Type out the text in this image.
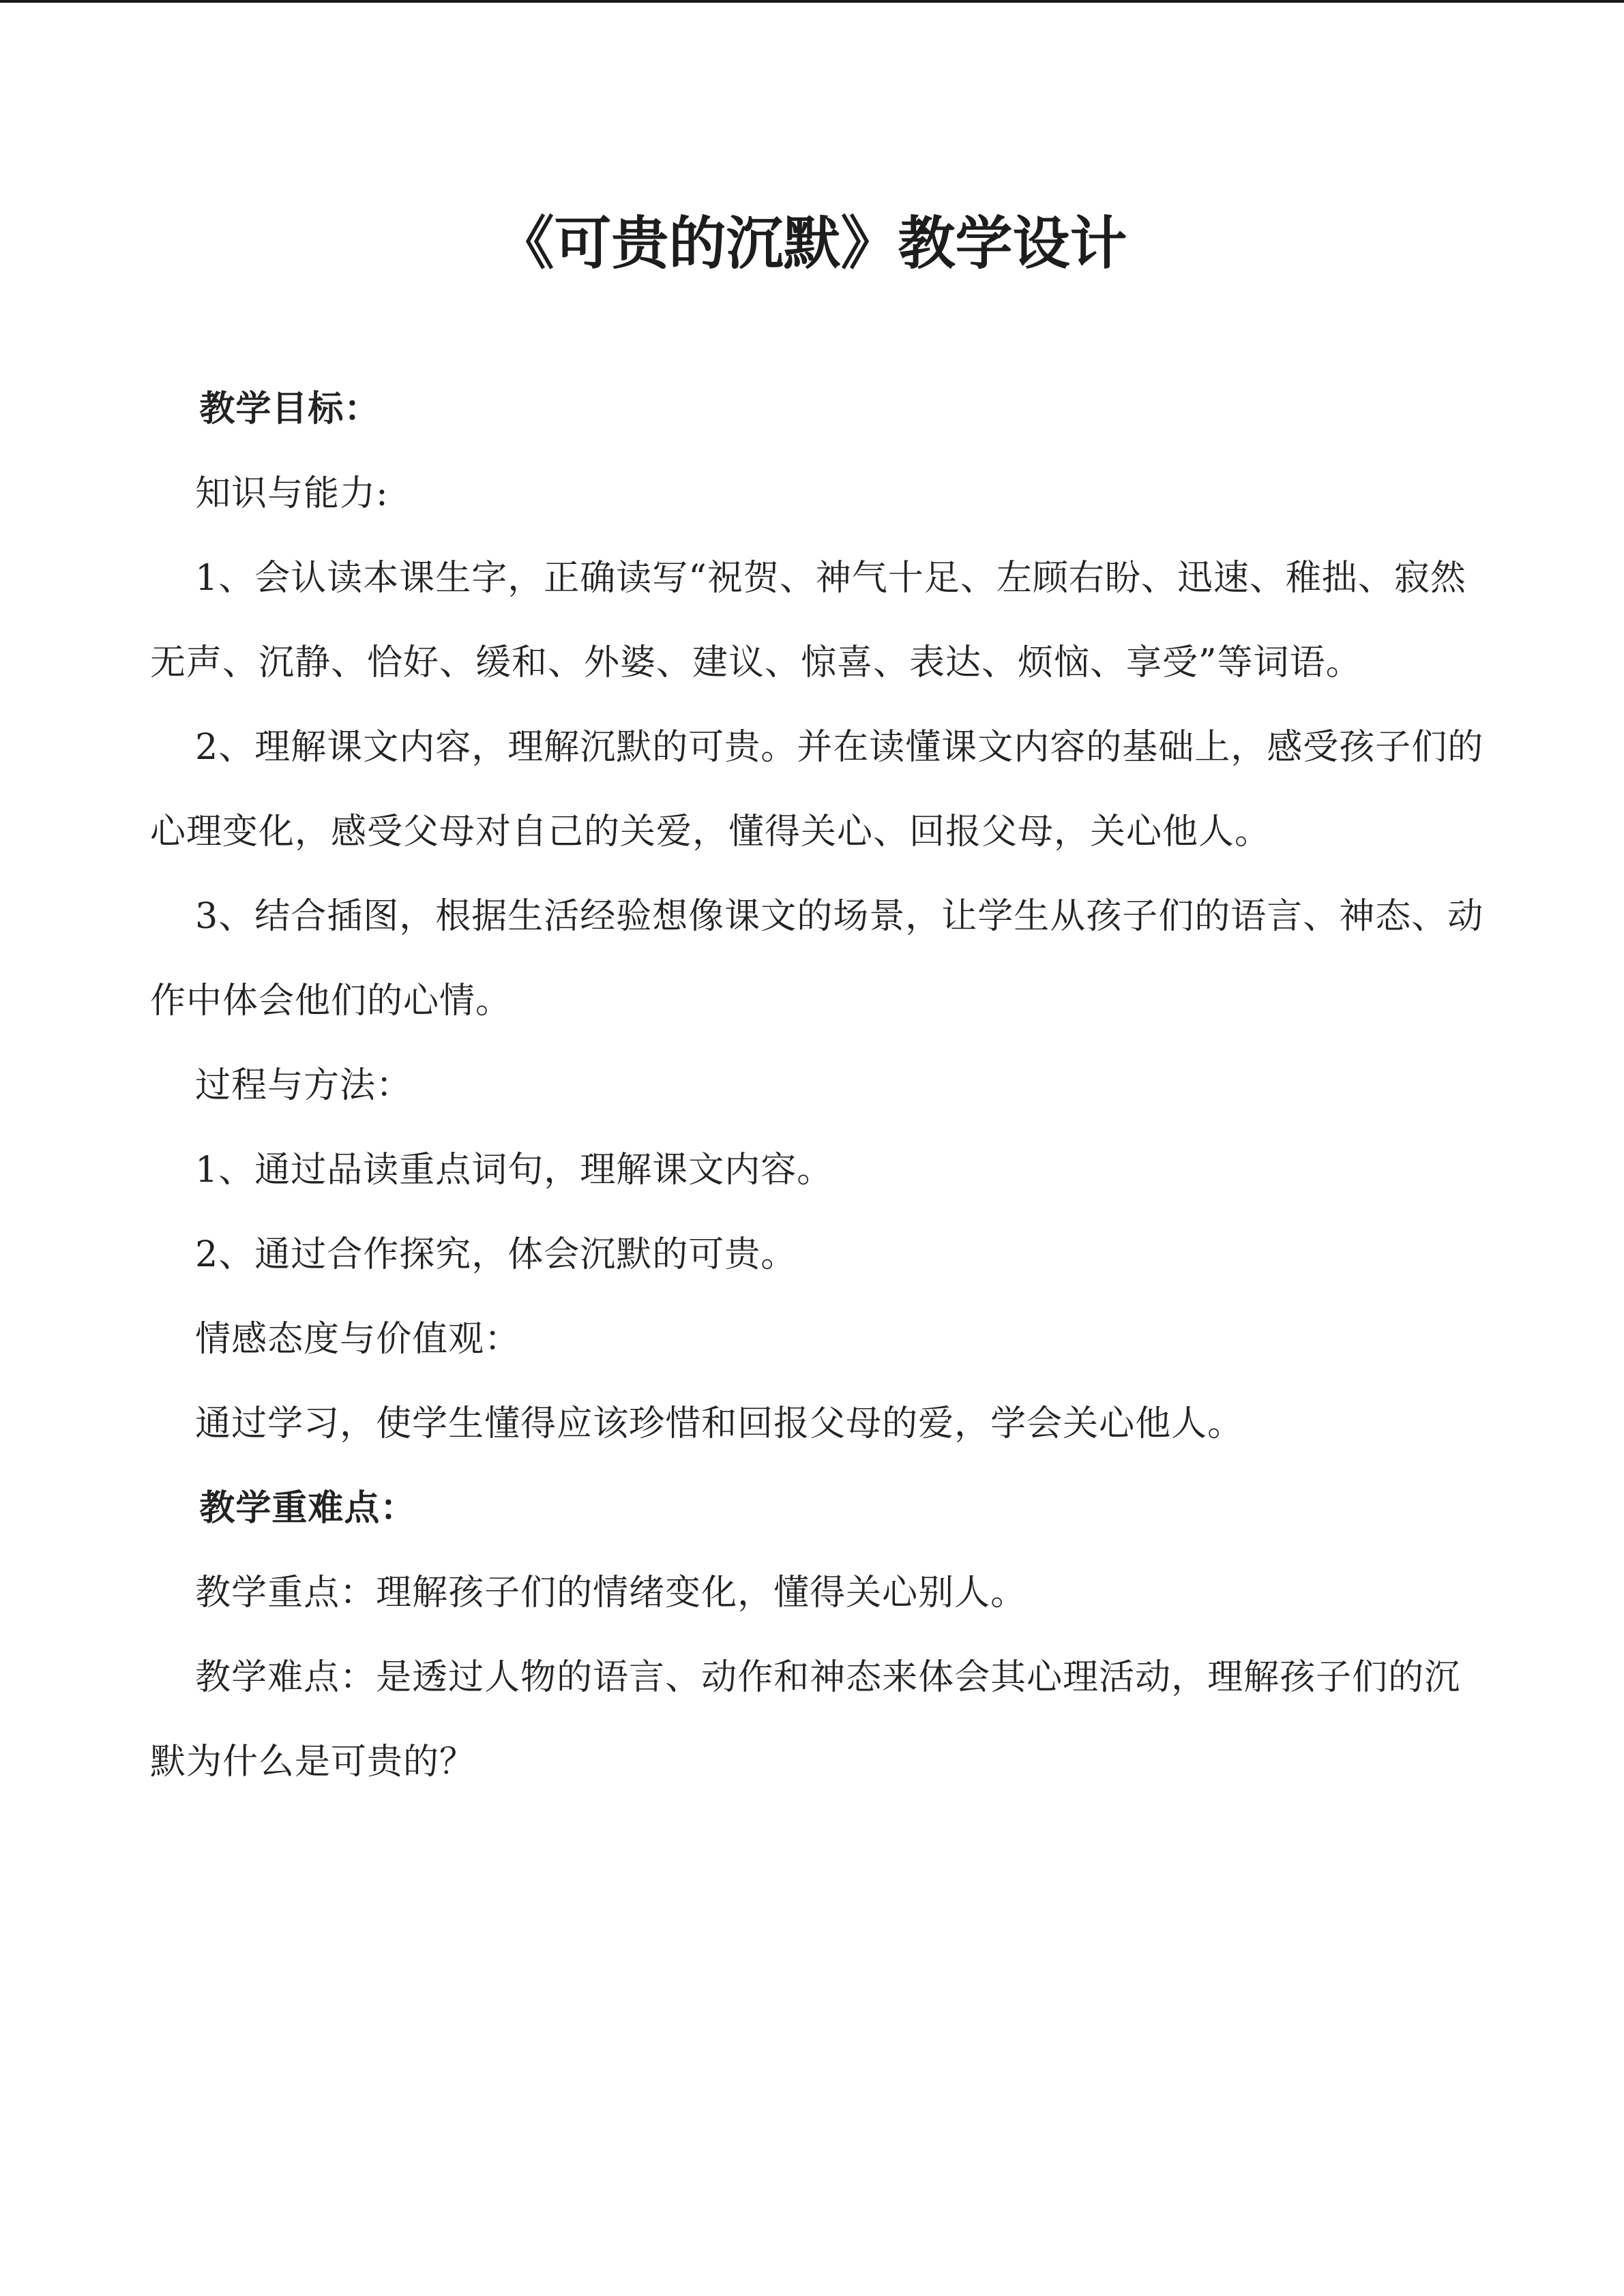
《可贵的沉默》教学设计

教学目标：

知识与能力:

1、会认读本课生字，正确读写“祝贺、神气十足、左顾右盼、迅速、稚拙、寂然无声、沉静、恰好、缓和、外婆、建议、惊喜、表达、烦恼、享受”等词语。

2、理解课文内容，理解沉默的可贵。并在读懂课文内容的基础上，感受孩子们的心理变化，感受父母对自己的关爱，懂得关心、回报父母，关心他人。

3、结合插图，根据生活经验想像课文的场景，让学生从孩子们的语言、神态、动作中体会他们的心情。

过程与方法：

1、通过品读重点词句，理解课文内容。

2、通过合作探究，体会沉默的可贵。

情感态度与价值观：

通过学习，使学生懂得应该珍惜和回报父母的爱，学会关心他人。

教学重难点：

教学重点：理解孩子们的情绪变化，懂得关心别人。

教学难点：是透过人物的语言、动作和神态来体会其心理活动，理解孩子们的沉默为什么是可贵的？
